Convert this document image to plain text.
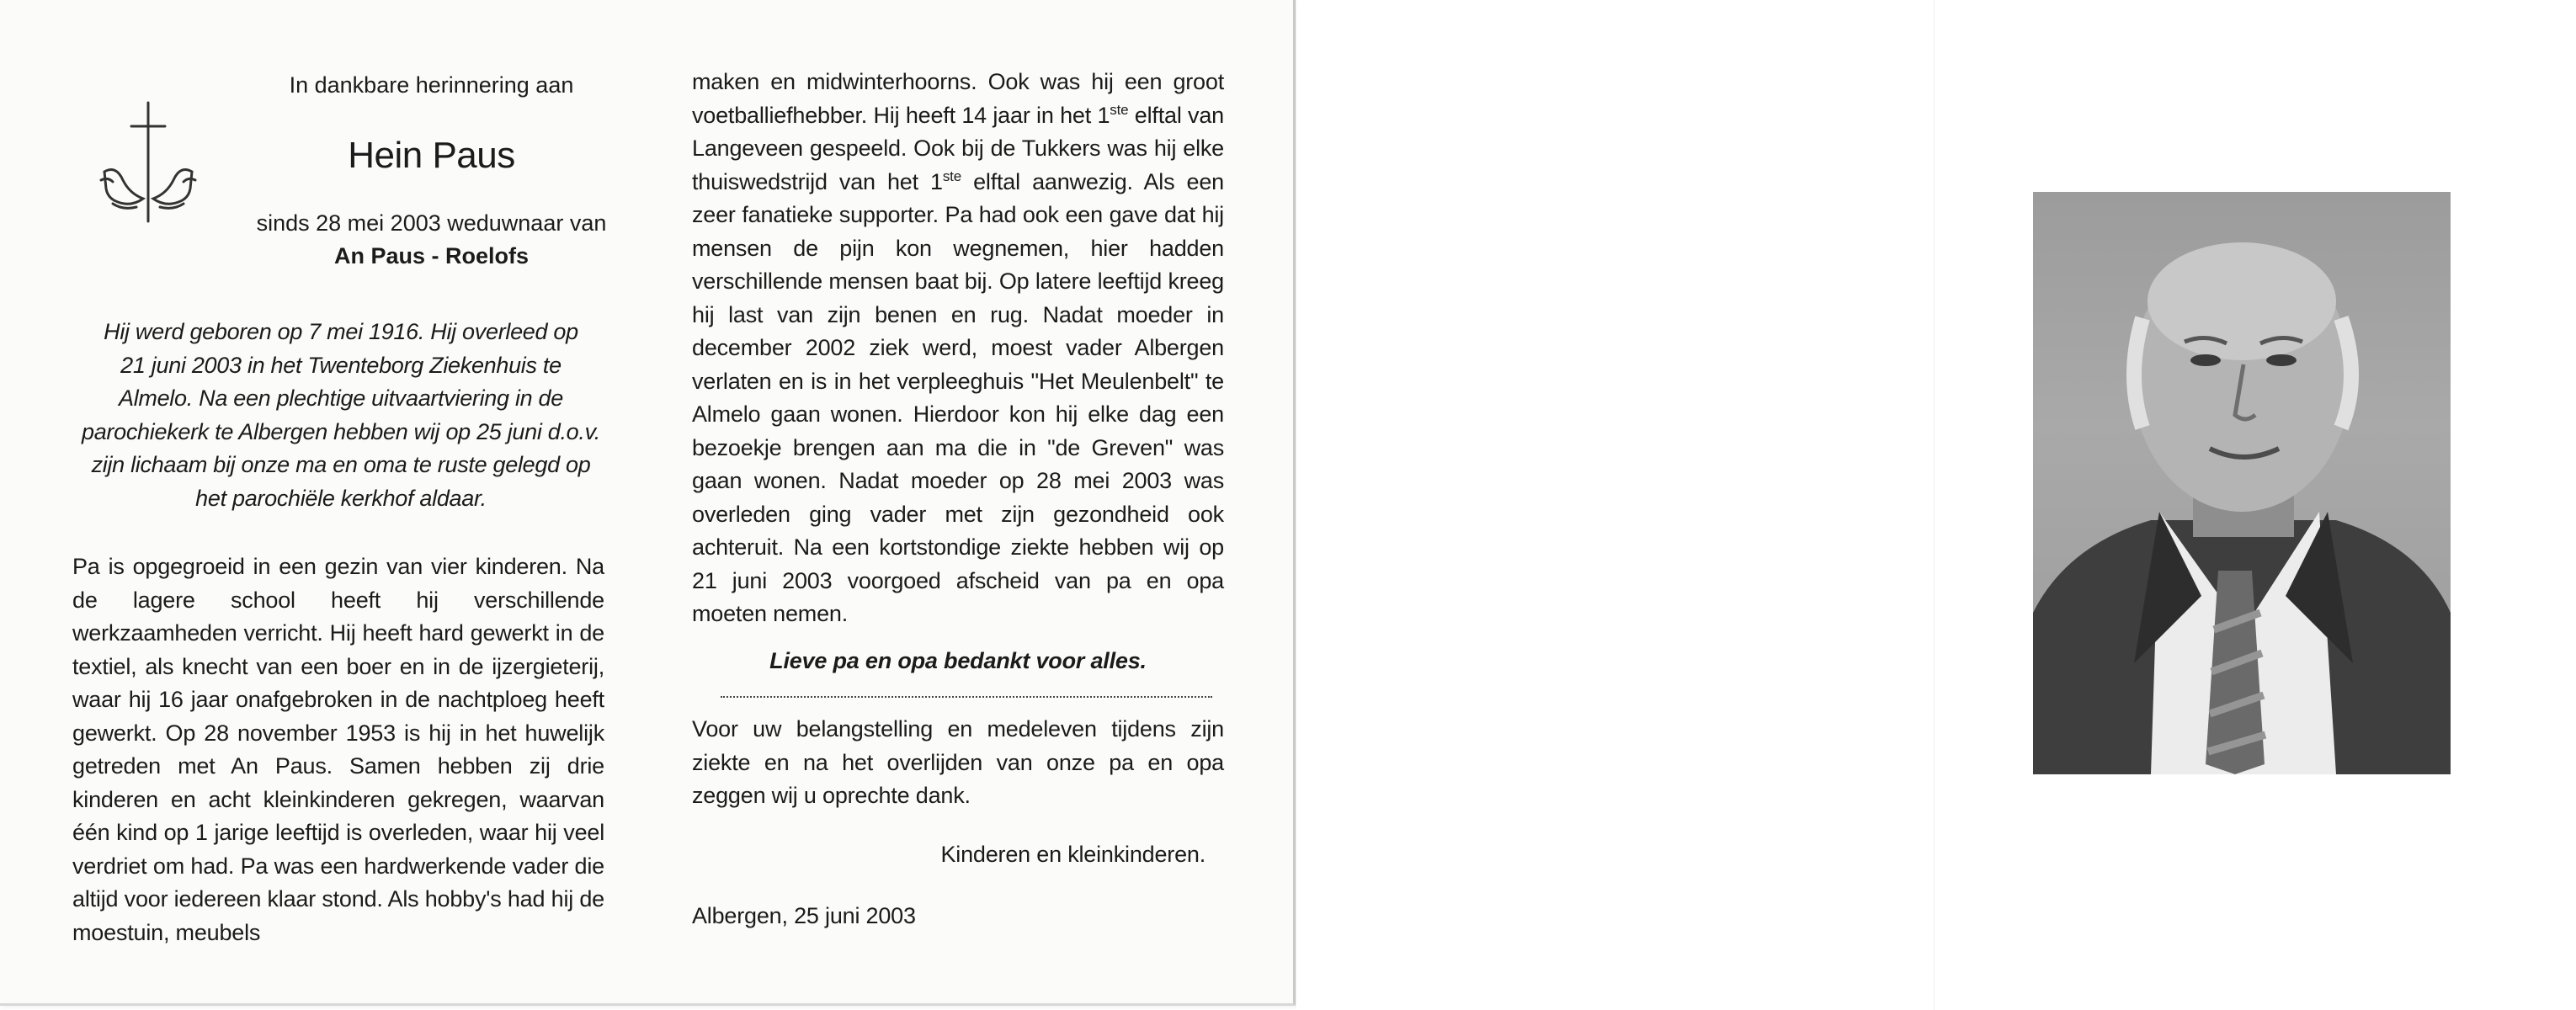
In dankbare herinnering aan
Hein Paus
sinds 28 mei 2003 weduwnaar van
An Paus - Roelofs
Hij werd geboren op 7 mei 1916. Hij overleed op
21 juni 2003 in het Twenteborg Ziekenhuis te
Almelo. Na een plechtige uitvaartviering in de
parochiekerk te Albergen hebben wij op 25 juni d.o.v.
zijn lichaam bij onze ma en oma te ruste gelegd op
het parochiële kerkhof aldaar.

Pa is opgegroeid in een gezin van vier kinderen. Na de lagere school heeft hij verschillende werkzaamheden verricht. Hij heeft hard gewerkt in de textiel, als knecht van een boer en in de ijzergieterij, waar hij 16 jaar onafgebroken in de nachtploeg heeft gewerkt. Op 28 november 1953 is hij in het huwelijk getreden met An Paus. Samen hebben zij drie kinderen en acht kleinkinderen gekregen, waarvan één kind op 1 jarige leeftijd is overleden, waar hij veel verdriet om had. Pa was een hardwerkende vader die altijd voor iedereen klaar stond. Als hobby's had hij de moestuin, meubels

maken en midwinterhoorns. Ook was hij een groot voetballiefhebber. Hij heeft 14 jaar in het 1ste elftal van Langeveen gespeeld. Ook bij de Tukkers was hij elke thuiswedstrijd van het 1ste elftal aanwezig. Als een zeer fanatieke supporter. Pa had ook een gave dat hij mensen de pijn kon wegnemen, hier hadden verschillende mensen baat bij. Op latere leeftijd kreeg hij last van zijn benen en rug. Nadat moeder in december 2002 ziek werd, moest vader Albergen verlaten en is in het verpleeghuis "Het Meulenbelt" te Almelo gaan wonen. Hierdoor kon hij elke dag een bezoekje brengen aan ma die in "de Greven" was gaan wonen. Nadat moeder op 28 mei 2003 was overleden ging vader met zijn gezondheid ook achteruit. Na een kortstondige ziekte hebben wij op 21 juni 2003 voorgoed afscheid van pa en opa moeten nemen.

Lieve pa en opa bedankt voor alles.

Voor uw belangstelling en medeleven tijdens zijn ziekte en na het overlijden van onze pa en opa zeggen wij u oprechte dank.

Kinderen en kleinkinderen.

Albergen, 25 juni 2003
